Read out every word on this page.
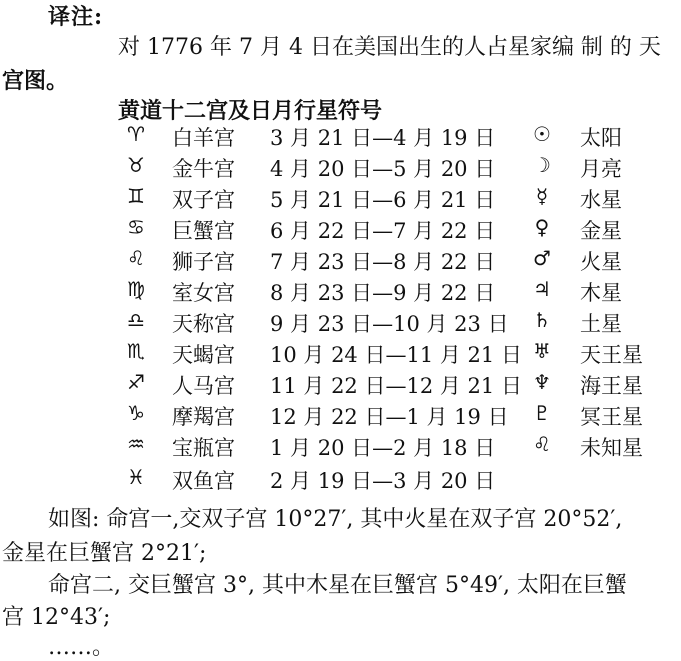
译注:
对 1776 年 7 月 4 日在美国出生的人占星家编 制 的 天
宫图。
黄道十二宫及日月行星符号
♈	白羊宫 3 月 21 日—4 月 19 日	☉	太阳
♉	金牛宫 4 月 20 日—5 月 20 日	☽	月亮
♊	双子宫 5 月 21 日—6 月 21 日	☿	水星
♋	巨蟹宫 6 月 22 日—7 月 22 日	♀	金星
♌	狮子宫 7 月 23 日—8 月 22 日	♂	火星
♍	室女宫 8 月 23 日—9 月 22 日	♃	木星
♎	天称宫 9 月 23 日—10 月 23 日	♄	土星
♏	天蝎宫 10 月 24 日—11 月 21 日 ♅	天王星
♐	人马宫 11 月 22 日—12 月 21 日 ♆	海王星
♑	摩羯宫 12 月 22 日—1 月 19 日	♇	冥王星
♒	宝瓶宫 1 月 20 日—2 月 18 日	♌	未知星
♓	双鱼宫 2 月 19 日—3 月 20 日
如图: 命宫一,交双子宫 10°27′, 其中火星在双子宫 20°52′,
金星在巨蟹宫 2°21′;
命宫二, 交巨蟹宫 3°, 其中木星在巨蟹宫 5°49′, 太阳在巨蟹
宫 12°43′;
……。
